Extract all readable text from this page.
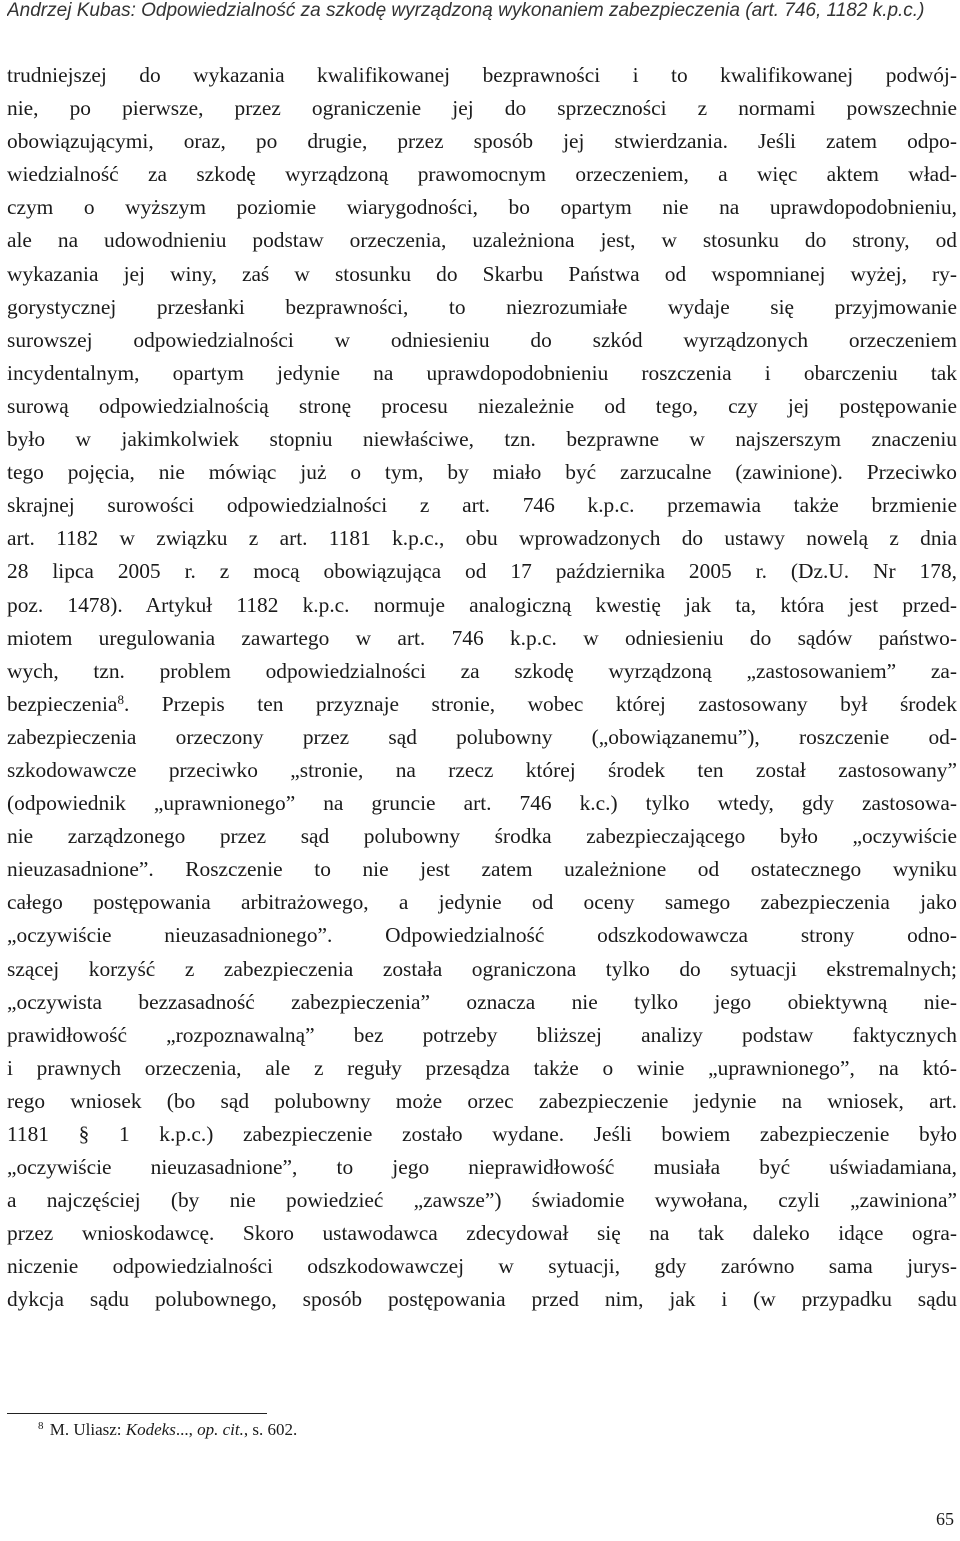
Andrzej Kubas: Odpowiedzialność za szkodę wyrządzoną wykonaniem zabezpieczenia (art. 746, 1182 k.p.c.)
trudniejszej do wykazania kwalifikowanej bezprawności i to kwalifikowanej podwój-
nie, po pierwsze, przez ograniczenie jej do sprzeczności z normami powszechnie
obowiązującymi, oraz, po drugie, przez sposób jej stwierdzania. Jeśli zatem odpo-
wiedzialność za szkodę wyrządzoną prawomocnym orzeczeniem, a więc aktem wład-
czym o wyższym poziomie wiarygodności, bo opartym nie na uprawdopodobnieniu,
ale na udowodnieniu podstaw orzeczenia, uzależniona jest, w stosunku do strony, od
wykazania jej winy, zaś w stosunku do Skarbu Państwa od wspomnianej wyżej, ry-
gorystycznej przesłanki bezprawności, to niezrozumiałe wydaje się przyjmowanie
surowszej odpowiedzialności w odniesieniu do szkód wyrządzonych orzeczeniem
incydentalnym, opartym jedynie na uprawdopodobnieniu roszczenia i obarczeniu tak
surową odpowiedzialnością stronę procesu niezależnie od tego, czy jej postępowanie
było w jakimkolwiek stopniu niewłaściwe, tzn. bezprawne w najszerszym znaczeniu
tego pojęcia, nie mówiąc już o tym, by miało być zarzucalne (zawinione). Przeciwko
skrajnej surowości odpowiedzialności z art. 746 k.p.c. przemawia także brzmienie
art. 1182 w związku z art. 1181 k.p.c., obu wprowadzonych do ustawy nowelą z dnia
28 lipca 2005 r. z mocą obowiązująca od 17 października 2005 r. (Dz.U. Nr 178,
poz. 1478). Artykuł 1182 k.p.c. normuje analogiczną kwestię jak ta, która jest przed-
miotem uregulowania zawartego w art. 746 k.p.c. w odniesieniu do sądów państwo-
wych, tzn. problem odpowiedzialności za szkodę wyrządzoną „zastosowaniem” za-
bezpieczenia$^8$. Przepis ten przyznaje stronie, wobec której zastosowany był środek
zabezpieczenia orzeczony przez sąd polubowny („obowiązanemu”), roszczenie od-
szkodowawcze przeciwko „stronie, na rzecz której środek ten został zastosowany”
(odpowiednik „uprawnionego” na gruncie art. 746 k.c.) tylko wtedy, gdy zastosowa-
nie zarządzonego przez sąd polubowny środka zabezpieczającego było „oczywiście
nieuzasadnione”. Roszczenie to nie jest zatem uzależnione od ostatecznego wyniku
całego postępowania arbitrażowego, a jedynie od oceny samego zabezpieczenia jako
„oczywiście nieuzasadnionego”. Odpowiedzialność odszkodowawcza strony odno-
szącej korzyść z zabezpieczenia została ograniczona tylko do sytuacji ekstremalnych;
„oczywista bezzasadność zabezpieczenia” oznacza nie tylko jego obiektywną nie-
prawidłowość „rozpoznawalną” bez potrzeby bliższej analizy podstaw faktycznych
i prawnych orzeczenia, ale z reguły przesądza także o winie „uprawnionego”, na któ-
rego wniosek (bo sąd polubowny może orzec zabezpieczenie jedynie na wniosek, art.
1181 § 1 k.p.c.) zabezpieczenie zostało wydane. Jeśli bowiem zabezpieczenie było
„oczywiście nieuzasadnione”, to jego nieprawidłowość musiała być uświadamiana,
a najczęściej (by nie powiedzieć „zawsze”) świadomie wywołana, czyli „zawiniona”
przez wnioskodawcę. Skoro ustawodawca zdecydował się na tak daleko idące ogra-
niczenie odpowiedzialności odszkodowawczej w sytuacji, gdy zarówno sama jurys-
dykcja sądu polubownego, sposób postępowania przed nim, jak i (w przypadku sądu
$^8$ M. Uliasz: Kodeks..., op. cit., s. 602.
65
